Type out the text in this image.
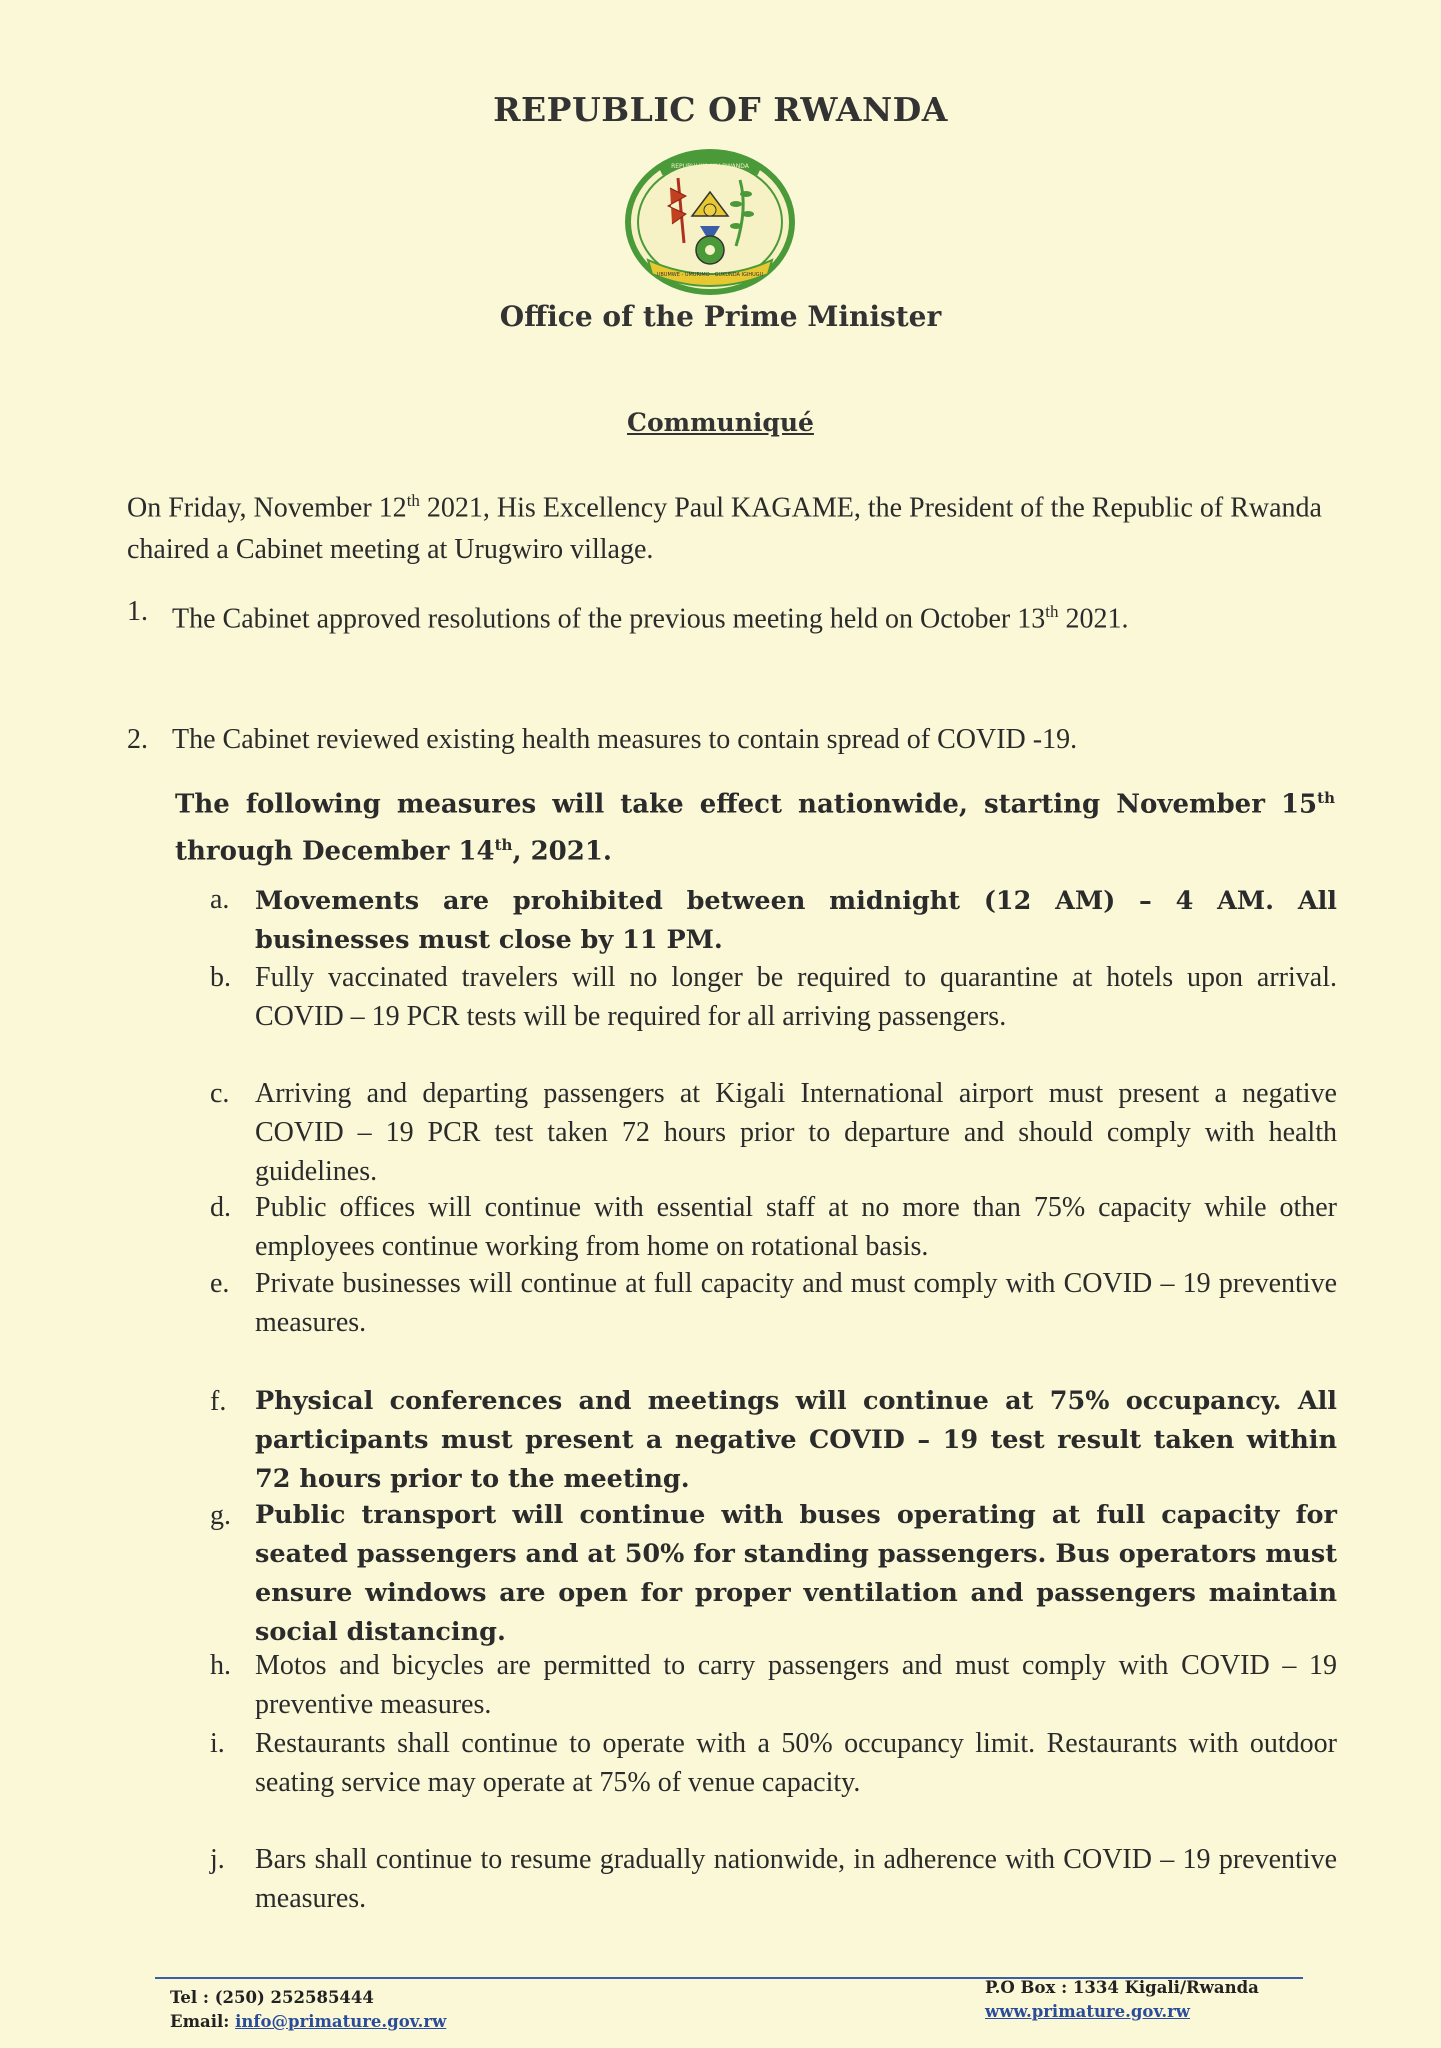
REPUBLIC OF RWANDA
REPUBULIKA Y'U RWANDA
UBUMWE - UMURIMO - GUKUNDA IGIHUGU
Office of the Prime Minister
Communiqué
On Friday, November 12th 2021, His Excellency Paul KAGAME, the President of the Republic of Rwanda chaired a Cabinet meeting at Urugwiro village.
1. The Cabinet approved resolutions of the previous meeting held on October 13th 2021.
2. The Cabinet reviewed existing health measures to contain spread of COVID -19.
The following measures will take effect nationwide, starting November 15th through December 14th, 2021.
a. Movements are prohibited between midnight (12 AM) – 4 AM. All businesses must close by 11 PM.
b. Fully vaccinated travelers will no longer be required to quarantine at hotels upon arrival. COVID – 19 PCR tests will be required for all arriving passengers.
c. Arriving and departing passengers at Kigali International airport must present a negative COVID – 19 PCR test taken 72 hours prior to departure and should comply with health guidelines.
d. Public offices will continue with essential staff at no more than 75% capacity while other employees continue working from home on rotational basis.
e. Private businesses will continue at full capacity and must comply with COVID – 19 preventive measures.
f. Physical conferences and meetings will continue at 75% occupancy. All participants must present a negative COVID – 19 test result taken within 72 hours prior to the meeting.
g. Public transport will continue with buses operating at full capacity for seated passengers and at 50% for standing passengers. Bus operators must ensure windows are open for proper ventilation and passengers maintain social distancing.
h. Motos and bicycles are permitted to carry passengers and must comply with COVID – 19 preventive measures.
i. Restaurants shall continue to operate with a 50% occupancy limit. Restaurants with outdoor seating service may operate at 75% of venue capacity.
j. Bars shall continue to resume gradually nationwide, in adherence with COVID – 19 preventive measures.
Tel : (250) 252585444
Email: info@primature.gov.rw
P.O Box : 1334 Kigali/Rwanda
www.primature.gov.rw
